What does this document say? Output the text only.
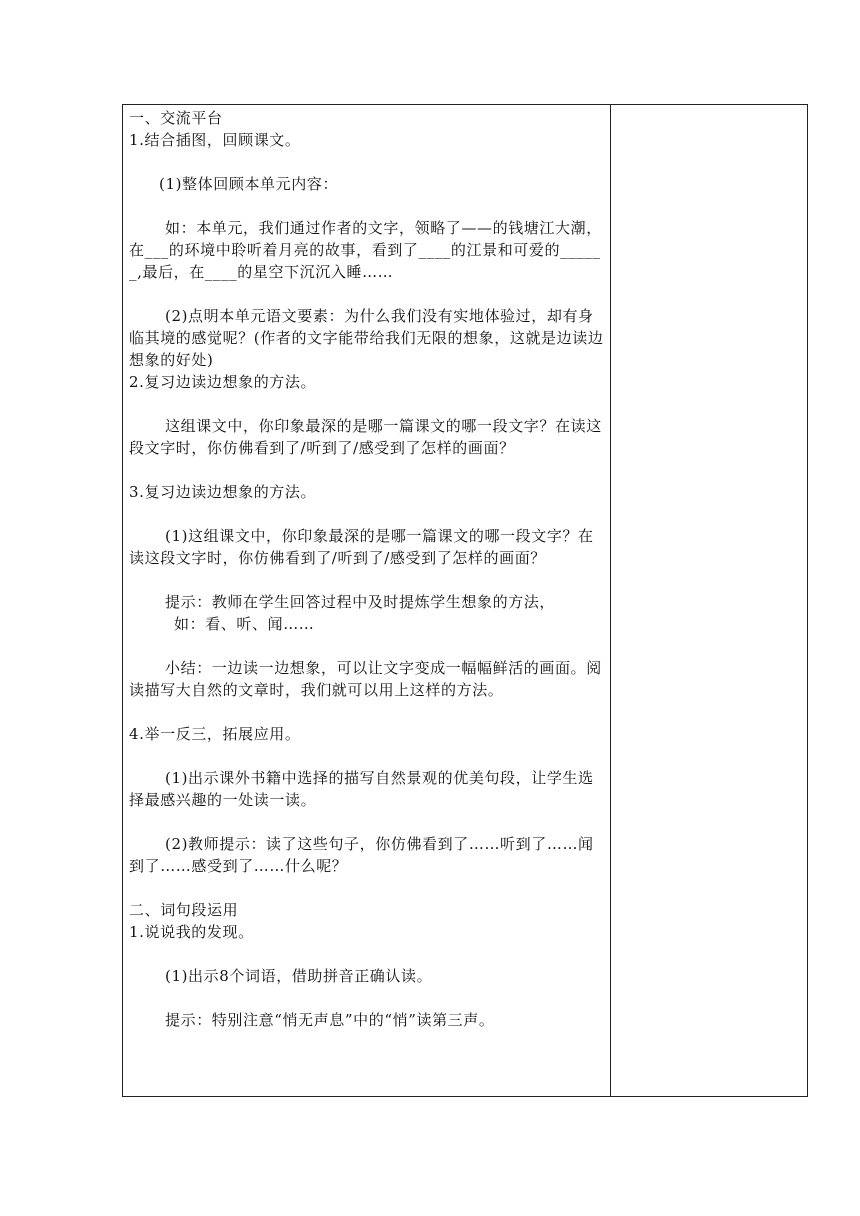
一、交流平台

1.结合插图，回顾课文。

(1)整体回顾本单元内容：

如：本单元，我们通过作者的文字，领略了——的钱塘江大潮，在___的环境中聆听着月亮的故事，看到了____的江景和可爱的______,最后，在____的星空下沉沉入睡……

(2)点明本单元语文要素：为什么我们没有实地体验过，却有身临其境的感觉呢？(作者的文字能带给我们无限的想象，这就是边读边想象的好处)

2.复习边读边想象的方法。

这组课文中，你印象最深的是哪一篇课文的哪一段文字？在读这段文字时，你仿佛看到了/听到了/感受到了怎样的画面？

3.复习边读边想象的方法。

(1)这组课文中，你印象最深的是哪一篇课文的哪一段文字？在读这段文字时，你仿佛看到了/听到了/感受到了怎样的画面？

提示：教师在学生回答过程中及时提炼学生想象的方法，

如：看、听、闻……

小结：一边读一边想象，可以让文字变成一幅幅鲜活的画面。阅读描写大自然的文章时，我们就可以用上这样的方法。

4.举一反三，拓展应用。

(1)出示课外书籍中选择的描写自然景观的优美句段，让学生选择最感兴趣的一处读一读。

(2)教师提示：读了这些句子，你仿佛看到了……听到了……闻到了……感受到了……什么呢？

二、词句段运用

1.说说我的发现。

(1)出示8个词语，借助拼音正确认读。

提示：特别注意“悄无声息”中的“悄”读第三声。
